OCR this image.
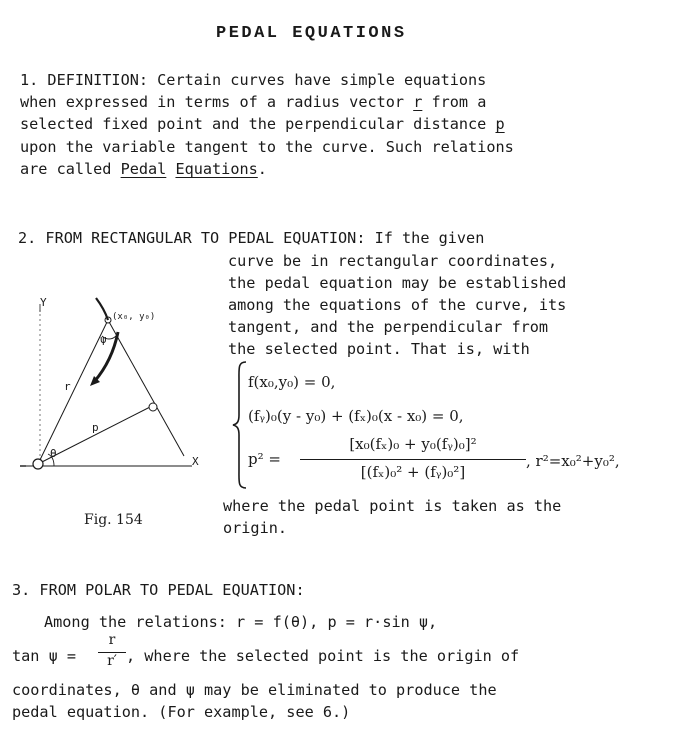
PEDAL EQUATIONS
1. DEFINITION: Certain curves have simple equations
when expressed in terms of a radius vector r from a
selected fixed point and the perpendicular distance p
upon the variable tangent to the curve. Such relations
are called Pedal Equations.
2. FROM RECTANGULAR TO PEDAL EQUATION: If the given
curve be in rectangular coordinates,
the pedal equation may be established
among the equations of the curve, its
tangent, and the perpendicular from
the selected point. That is, with
f(x₀,y₀) = 0,
(fᵧ)₀(y - y₀) + (fₓ)₀(x - x₀) = 0,
p² =
[x₀(fₓ)₀ + y₀(fᵧ)₀]²
[(fₓ)₀² + (fᵧ)₀²]
, r²=x₀²+y₀²,
where the pedal point is taken as the
origin.
Y
X
(x₀, y₀)
r
p
θ
ψ
Fig. 154
3. FROM POLAR TO PEDAL EQUATION:
Among the relations: r = f(θ), p = r·sin ψ,
tan ψ =
r
r′ , where the selected point is the origin of
coordinates, θ and ψ may be eliminated to produce the
pedal equation. (For example, see 6.)
